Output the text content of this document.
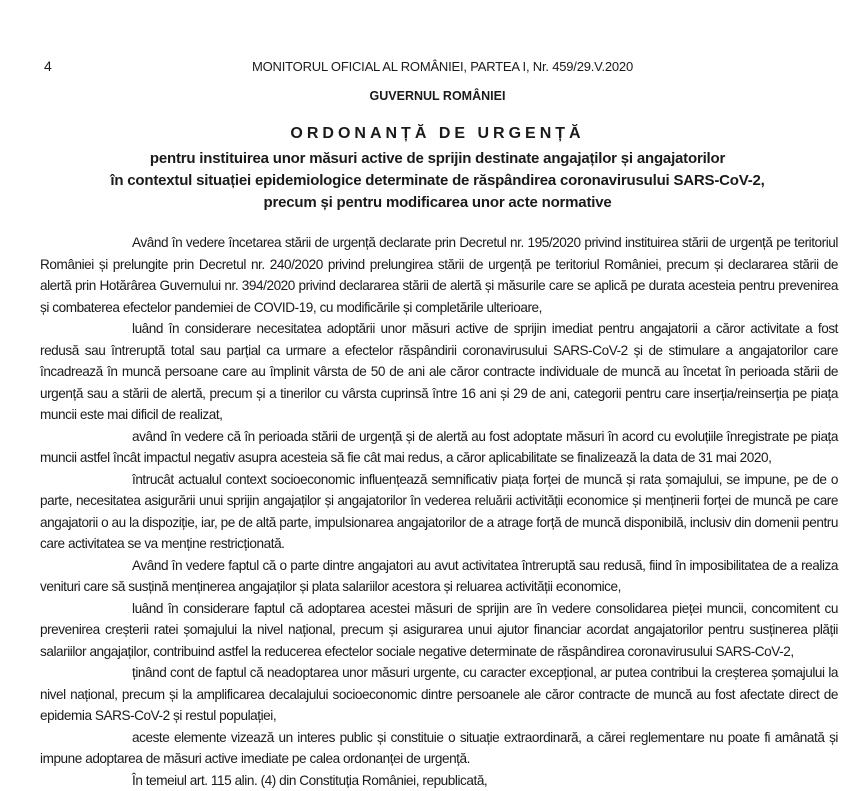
4	MONITORUL OFICIAL AL ROMÂNIEI, PARTEA I, Nr. 459/29.V.2020
GUVERNUL ROMÂNIEI
ORDONANȚĂ DE URGENȚĂ
pentru instituirea unor măsuri active de sprijin destinate angajaților și angajatorilor
în contextul situației epidemiologice determinate de răspândirea coronavirusului SARS-CoV-2,
precum și pentru modificarea unor acte normative

Având în vedere încetarea stării de urgență declarate prin Decretul nr. 195/2020 privind instituirea stării de urgență pe teritoriul României și prelungite prin Decretul nr. 240/2020 privind prelungirea stării de urgență pe teritoriul României, precum și declararea stării de alertă prin Hotărârea Guvernului nr. 394/2020 privind declararea stării de alertă și măsurile care se aplică pe durata acesteia pentru prevenirea și combaterea efectelor pandemiei de COVID-19, cu modificările și completările ulterioare,

luând în considerare necesitatea adoptării unor măsuri active de sprijin imediat pentru angajatorii a căror activitate a fost redusă sau întreruptă total sau parțial ca urmare a efectelor răspândirii coronavirusului SARS-CoV-2 și de stimulare a angajatorilor care încadrează în muncă persoane care au împlinit vârsta de 50 de ani ale căror contracte individuale de muncă au încetat în perioada stării de urgență sau a stării de alertă, precum și a tinerilor cu vârsta cuprinsă între 16 ani și 29 de ani, categorii pentru care inserția/reinserția pe piața muncii este mai dificil de realizat,

având în vedere că în perioada stării de urgență și de alertă au fost adoptate măsuri în acord cu evoluțiile înregistrate pe piața muncii astfel încât impactul negativ asupra acesteia să fie cât mai redus, a căror aplicabilitate se finalizează la data de 31 mai 2020,

întrucât actualul context socioeconomic influențează semnificativ piața forței de muncă și rata șomajului, se impune, pe de o parte, necesitatea asigurării unui sprijin angajaților și angajatorilor în vederea reluării activității economice și menținerii forței de muncă pe care angajatorii o au la dispoziție, iar, pe de altă parte, impulsionarea angajatorilor de a atrage forță de muncă disponibilă, inclusiv din domenii pentru care activitatea se va menține restricționată.

Având în vedere faptul că o parte dintre angajatori au avut activitatea întreruptă sau redusă, fiind în imposibilitatea de a realiza venituri care să susțină menținerea angajaților și plata salariilor acestora și reluarea activității economice,

luând în considerare faptul că adoptarea acestei măsuri de sprijin are în vedere consolidarea pieței muncii, concomitent cu prevenirea creșterii ratei șomajului la nivel național, precum și asigurarea unui ajutor financiar acordat angajatorilor pentru susținerea plății salariilor angajaților, contribuind astfel la reducerea efectelor sociale negative determinate de răspândirea coronavirusului SARS-CoV-2,

ținând cont de faptul că neadoptarea unor măsuri urgente, cu caracter excepțional, ar putea contribui la creșterea șomajului la nivel național, precum și la amplificarea decalajului socioeconomic dintre persoanele ale căror contracte de muncă au fost afectate direct de epidemia SARS-CoV-2 și restul populației,

aceste elemente vizează un interes public și constituie o situație extraordinară, a cărei reglementare nu poate fi amânată și impune adoptarea de măsuri active imediate pe calea ordonanței de urgență.

În temeiul art. 115 alin. (4) din Constituția României, republicată,
